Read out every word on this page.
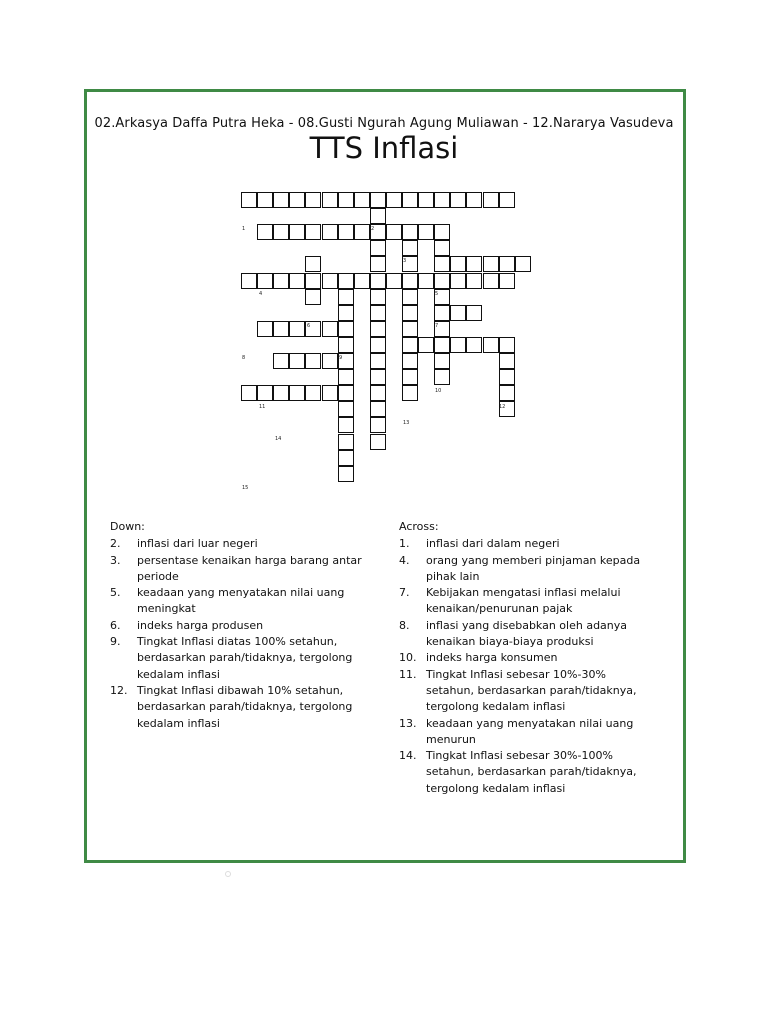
02.Arkasya Daffa Putra Heka - 08.Gusti Ngurah Agung Muliawan - 12.Nararya Vasudeva
TTS Inflasi
1	2
3
4	5
6	7
8	9
10
11	12
13
14
15
Down:
2. inflasi dari luar negeri
3. persentase kenaikan harga barang antar periode
5. keadaan yang menyatakan nilai uang meningkat
6. indeks harga produsen
9. Tingkat Inflasi diatas 100% setahun, berdasarkan parah/tidaknya, tergolong kedalam inflasi
12. Tingkat Inflasi dibawah 10% setahun, berdasarkan parah/tidaknya, tergolong kedalam inflasi
Across:
1. inflasi dari dalam negeri
4. orang yang memberi pinjaman kepada pihak lain
7. Kebijakan mengatasi inflasi melalui kenaikan/penurunan pajak
8. inflasi yang disebabkan oleh adanya kenaikan biaya-biaya produksi
10. indeks harga konsumen
11. Tingkat Inflasi sebesar 10%-30% setahun, berdasarkan parah/tidaknya, tergolong kedalam inflasi
13. keadaan yang menyatakan nilai uang menurun
14. Tingkat Inflasi sebesar 30%-100% setahun, berdasarkan parah/tidaknya, tergolong kedalam inflasi
